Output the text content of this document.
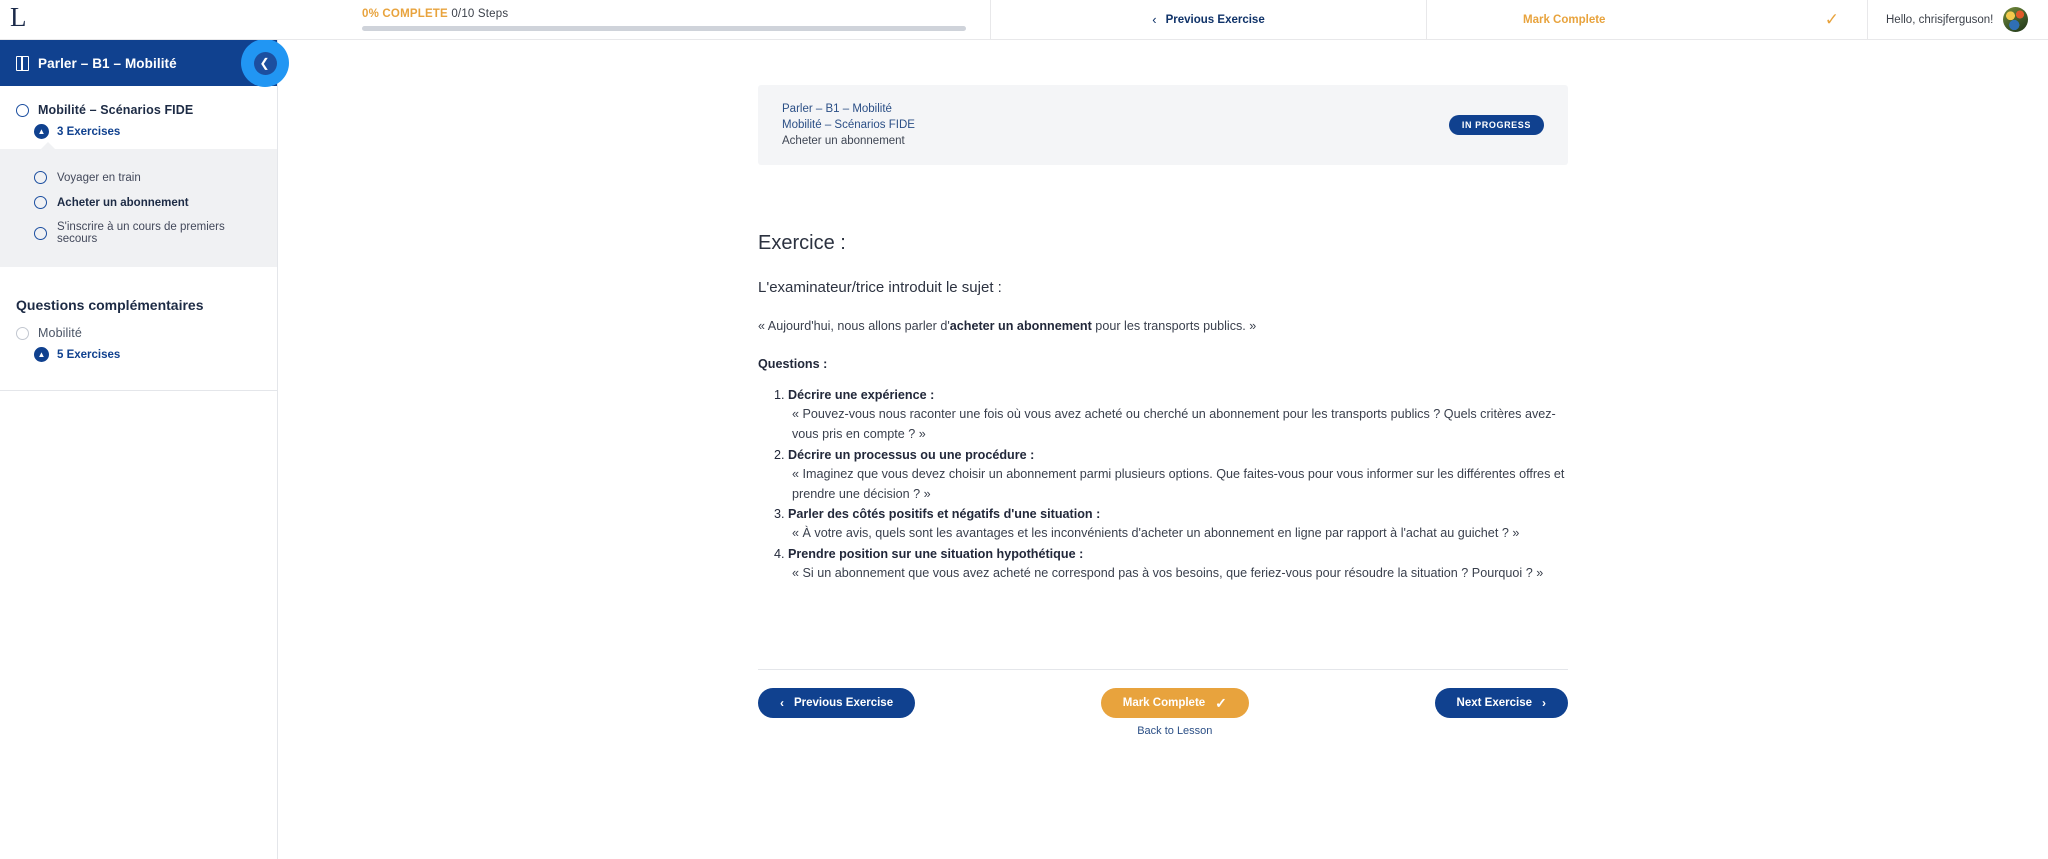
L	0% COMPLETE 0/10 Steps	‹ Previous Exercise	Mark Complete	✓	Hello, chrisjferguson!
Parler – B1 – Mobilité	❮
Mobilité – Scénarios FIDE
▲	3 Exercises
Voyager en train
Acheter un abonnement
S'inscrire à un cours de premiers secours
Questions complémentaires
Mobilité
▲	5 Exercises
Parler – B1 – Mobilité
Mobilité – Scénarios FIDE
Acheter un abonnement
IN PROGRESS
Exercice :

L'examinateur/trice introduit le sujet :

« Aujourd'hui, nous allons parler d'acheter un abonnement pour les transports publics. »

Questions :

1. Décrire une expérience :
« Pouvez-vous nous raconter une fois où vous avez acheté ou cherché un abonnement pour les transports publics ? Quels critères avez-vous pris en compte ? »
2. Décrire un processus ou une procédure :
« Imaginez que vous devez choisir un abonnement parmi plusieurs options. Que faites-vous pour vous informer sur les différentes offres et prendre une décision ? »
3. Parler des côtés positifs et négatifs d'une situation :
« À votre avis, quels sont les avantages et les inconvénients d'acheter un abonnement en ligne par rapport à l'achat au guichet ? »
4. Prendre position sur une situation hypothétique :
« Si un abonnement que vous avez acheté ne correspond pas à vos besoins, que feriez-vous pour résoudre la situation ? Pourquoi ? »
‹ Previous Exercise	Mark Complete ✓
Back to Lesson
Next Exercise ›
